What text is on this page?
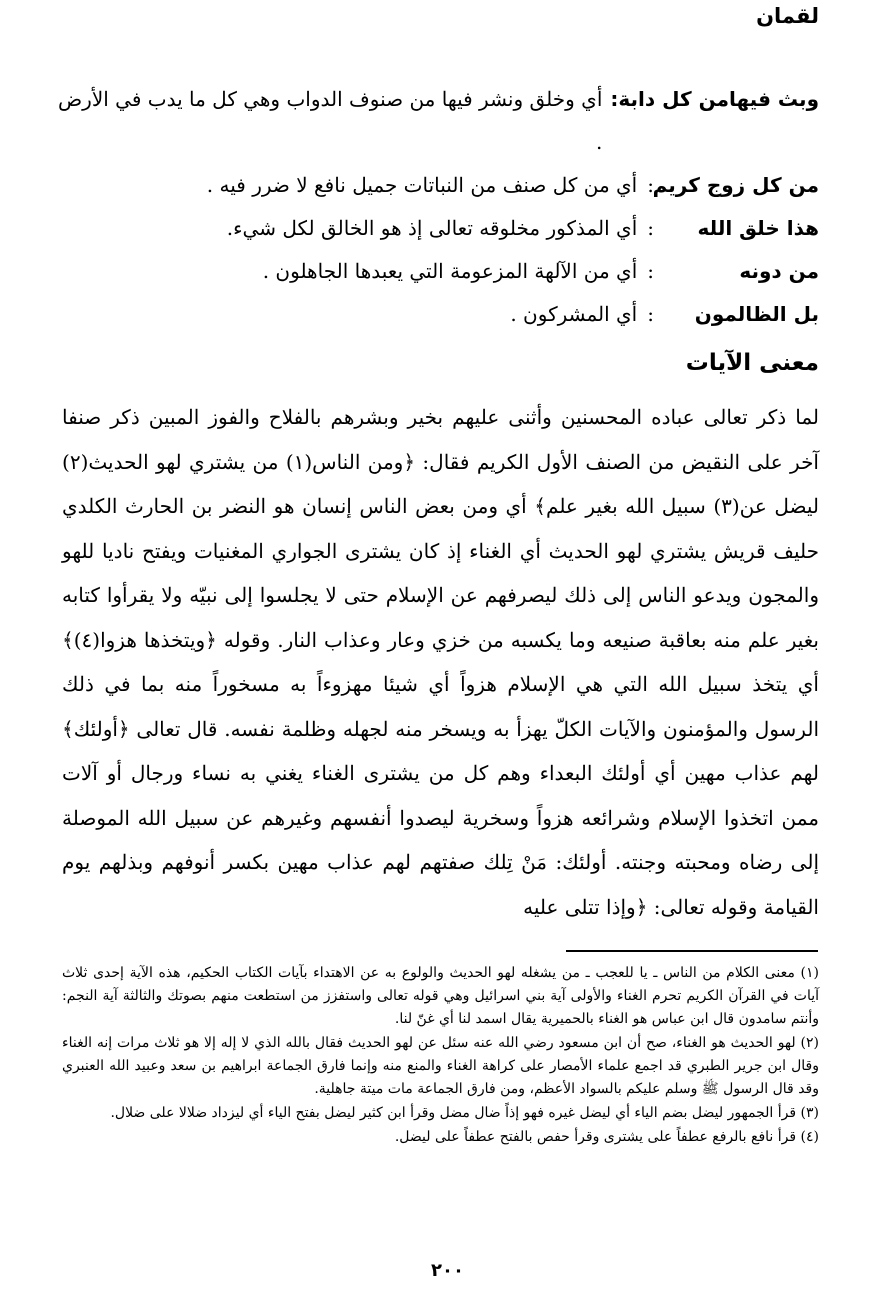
لقمان
وبث فيهامن كل دابة:
أي وخلق ونشر فيها من صنوف الدواب وهي كل ما يدب في الأرض .
من كل زوج كريم
:
أي من كل صنف من النباتات جميل نافع لا ضرر فيه .
هذا خلق الله
:
أي المذكور مخلوقه تعالى إذ هو الخالق لكل شيء.
من دونه
:
أي من الآلهة المزعومة التي يعبدها الجاهلون .
بل الظالمون
:
أي المشركون .
معنى الآيات
لما ذكر تعالى عباده المحسنين وأثنى عليهم بخير وبشرهم بالفلاح والفوز المبين ذكر صنفا آخر على النقيض من الصنف الأول الكريم فقال: ﴿ومن الناس(١) من يشتري لهو الحديث(٢) ليضل عن(٣) سبيل الله بغير علم﴾ أي ومن بعض الناس إنسان هو النضر بن الحارث الكلدي حليف قريش يشتري لهو الحديث أي الغناء إذ كان يشترى الجواري المغنيات ويفتح ناديا للهو والمجون ويدعو الناس إلى ذلك ليصرفهم عن الإسلام حتى لا يجلسوا إلى نبيّه ولا يقرأوا كتابه بغير علم منه بعاقبة صنيعه وما يكسبه من خزي وعار وعذاب النار. وقوله ﴿ويتخذها هزوا(٤)﴾ أي يتخذ سبيل الله التي هي الإسلام هزواً أي شيئا مهزوءاً به مسخوراً منه بما في ذلك الرسول والمؤمنون والآيات الكلّ يهزأ به ويسخر منه لجهله وظلمة نفسه. قال تعالى ﴿أولئك﴾ لهم عذاب مهين أي أولئك البعداء وهم كل من يشترى الغناء يغني به نساء ورجال أو آلات ممن اتخذوا الإسلام وشرائعه هزواً وسخرية ليصدوا أنفسهم وغيرهم عن سبيل الله الموصلة إلى رضاه ومحبته وجنته. أولئك: مَنْ تِلك صفتهم لهم عذاب مهين بكسر أنوفهم وبذلهم يوم القيامة وقوله تعالى: ﴿وإذا تتلى عليه

(١) معنى الكلام من الناس ـ يا للعجب ـ من يشغله لهو الحديث والولوع به عن الاهتداء بآيات الكتاب الحكيم، هذه الآية إحدى ثلاث آيات في القرآن الكريم تحرم الغناء والأولى آية بني اسرائيل وهي قوله تعالى واستفزز من استطعت منهم بصوتك والثالثة آية النجم: وأنتم سامدون قال ابن عباس هو الغناء بالحميرية يقال اسمد لنا أي غنّ لنا.

(٢) لهو الحديث هو الغناء، صح أن ابن مسعود رضي الله عنه سئل عن لهو الحديث فقال بالله الذي لا إله إلا هو ثلاث مرات إنه الغناء وقال ابن جرير الطبري قد اجمع علماء الأمصار على كراهة الغناء والمنع منه وإنما فارق الجماعة ابراهيم بن سعد وعبيد الله العنبري وقد قال الرسول ﷺ وسلم عليكم بالسواد الأعظم، ومن فارق الجماعة مات ميتة جاهلية.

(٣) قرأ الجمهور ليضل بضم الياء أي ليضل غيره فهو إذاً ضال مضل وقرأ ابن كثير ليضل بفتح الياء أي ليزداد ضلالا على ضلال.

(٤) قرأ نافع بالرفع عطفاً على يشترى وقرأ حفص بالفتح عطفاً على ليضل.

٢٠٠
